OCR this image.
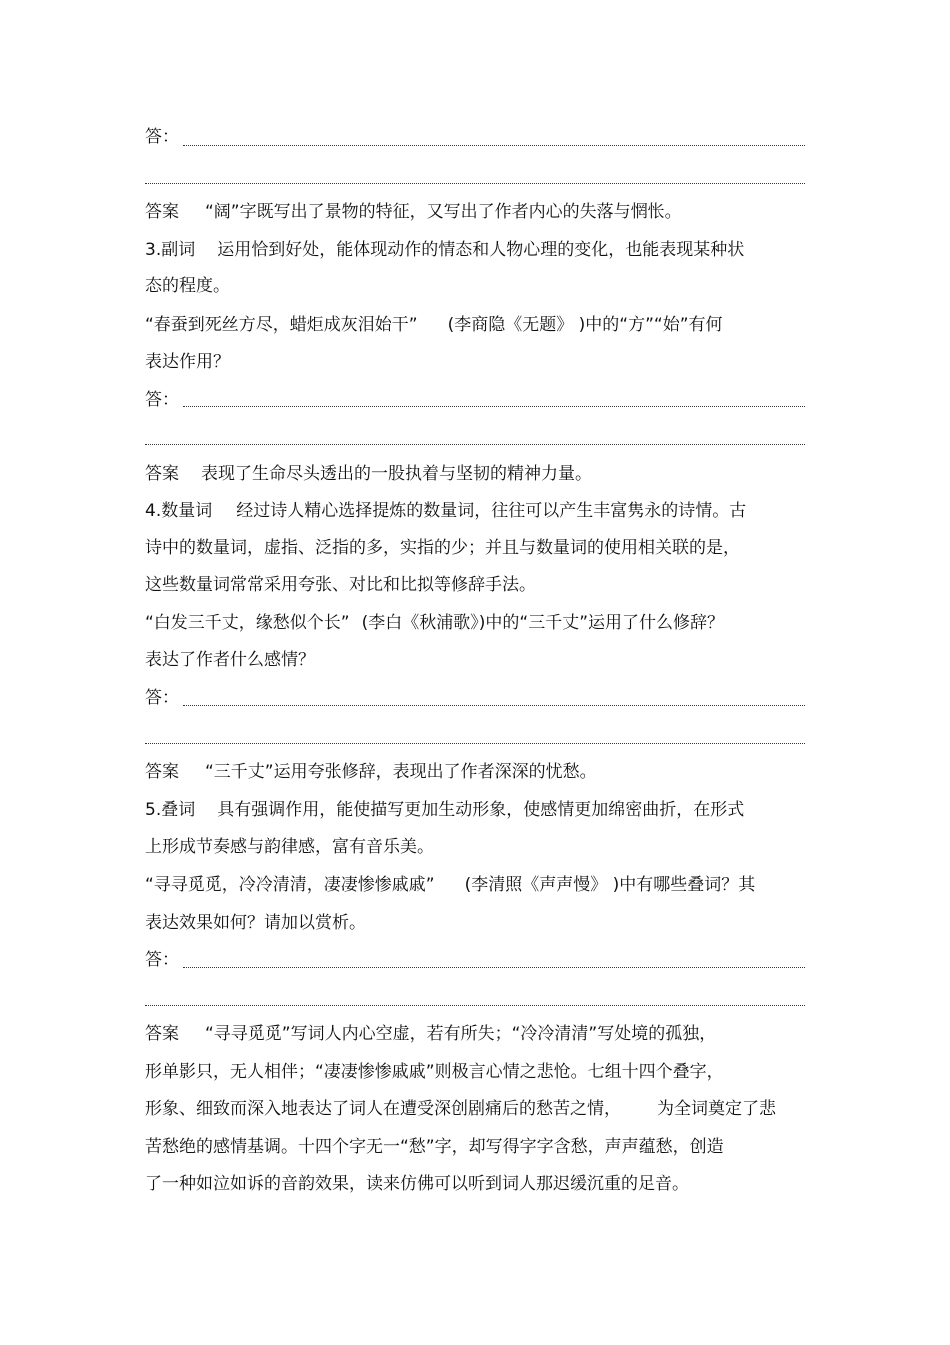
答：

答案 “阔”字既写出了景物的特征，又写出了作者内心的失落与惘怅。

3.副词 运用恰到好处，能体现动作的情态和人物心理的变化，也能表现某种状

态的程度。

“春蚕到死丝方尽，蜡炬成灰泪始干” (李商隐《无题》 )中的“方”“始”有何

表达作用？

答：

答案 表现了生命尽头透出的一股执着与坚韧的精神力量。

4.数量词 经过诗人精心选择提炼的数量词，往往可以产生丰富隽永的诗情。古

诗中的数量词，虚指、泛指的多，实指的少；并且与数量词的使用相关联的是，

这些数量词常常采用夸张、对比和比拟等修辞手法。

“白发三千丈，缘愁似个长” (李白《秋浦歌》)中的“三千丈”运用了什么修辞？

表达了作者什么感情？

答：

答案 “三千丈”运用夸张修辞，表现出了作者深深的忧愁。

5.叠词 具有强调作用，能使描写更加生动形象，使感情更加绵密曲折，在形式

上形成节奏感与韵律感，富有音乐美。

“寻寻觅觅，冷冷清清，凄凄惨惨戚戚” (李清照《声声慢》 )中有哪些叠词？其

表达效果如何？请加以赏析。

答：

答案 “寻寻觅觅”写词人内心空虚，若有所失；“冷冷清清”写处境的孤独，

形单影只，无人相伴；“凄凄惨惨戚戚”则极言心情之悲怆。七组十四个叠字，

形象、细致而深入地表达了词人在遭受深创剧痛后的愁苦之情， 为全词奠定了悲

苦愁绝的感情基调。十四个字无一“愁”字，却写得字字含愁，声声蕴愁，创造

了一种如泣如诉的音韵效果，读来仿佛可以听到词人那迟缓沉重的足音。
